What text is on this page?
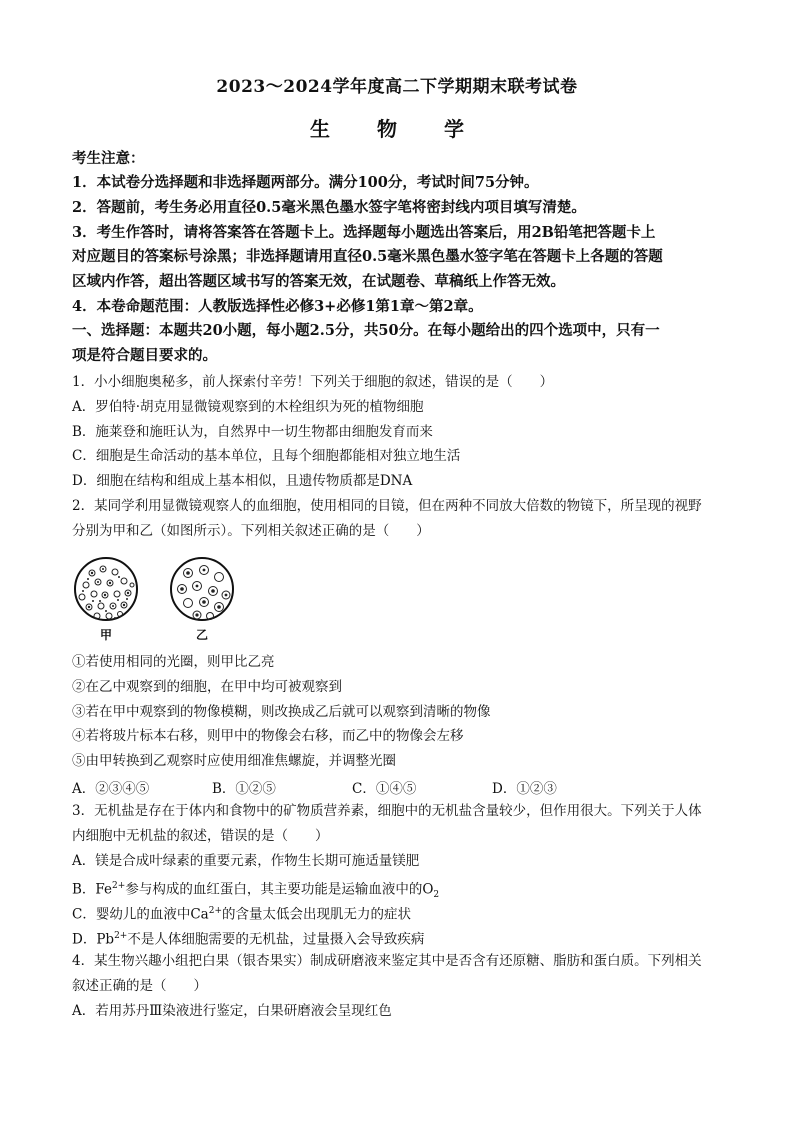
2023～2024学年度高二下学期期末联考试卷
生 物 学
考生注意：
1．本试卷分选择题和非选择题两部分。满分100分，考试时间75分钟。
2．答题前，考生务必用直径0.5毫米黑色墨水签字笔将密封线内项目填写清楚。
3．考生作答时，请将答案答在答题卡上。选择题每小题选出答案后，用2B铅笔把答题卡上
对应题目的答案标号涂黑；非选择题请用直径0.5毫米黑色墨水签字笔在答题卡上各题的答题
区域内作答，超出答题区域书写的答案无效，在试题卷、草稿纸上作答无效。
4．本卷命题范围：人教版选择性必修3+必修1第1章～第2章。
一、选择题：本题共20小题，每小题2.5分，共50分。在每小题给出的四个选项中，只有一
项是符合题目要求的。
1．小小细胞奥秘多，前人探索付辛劳！下列关于细胞的叙述，错误的是（　　）
A．罗伯特·胡克用显微镜观察到的木栓组织为死的植物细胞
B．施莱登和施旺认为，自然界中一切生物都由细胞发育而来
C．细胞是生命活动的基本单位，且每个细胞都能相对独立地生活
D．细胞在结构和组成上基本相似，且遗传物质都是DNA
2．某同学利用显微镜观察人的血细胞，使用相同的目镜，但在两种不同放大倍数的物镜下，所呈现的视野
分别为甲和乙（如图所示）。下列相关叙述正确的是（　　）
甲	乙
①若使用相同的光圈，则甲比乙亮
②在乙中观察到的细胞，在甲中均可被观察到
③若在甲中观察到的物像模糊，则改换成乙后就可以观察到清晰的物像
④若将玻片标本右移，则甲中的物像会右移，而乙中的物像会左移
⑤由甲转换到乙观察时应使用细准焦螺旋，并调整光圈
A．②③④⑤	B．①②⑤	C．①④⑤	D．①②③
3．无机盐是存在于体内和食物中的矿物质营养素，细胞中的无机盐含量较少，但作用很大。下列关于人体
内细胞中无机盐的叙述，错误的是（　　）
A．镁是合成叶绿素的重要元素，作物生长期可施适量镁肥
B．$Fe^{2+}$参与构成的血红蛋白，其主要功能是运输血液中的$O_2$
C．婴幼儿的血液中$Ca^{2+}$的含量太低会出现肌无力的症状
D．$Pb^{2+}$不是人体细胞需要的无机盐，过量摄入会导致疾病
4．某生物兴趣小组把白果（银杏果实）制成研磨液来鉴定其中是否含有还原糖、脂肪和蛋白质。下列相关
叙述正确的是（　　）
A．若用苏丹Ⅲ染液进行鉴定，白果研磨液会呈现红色
